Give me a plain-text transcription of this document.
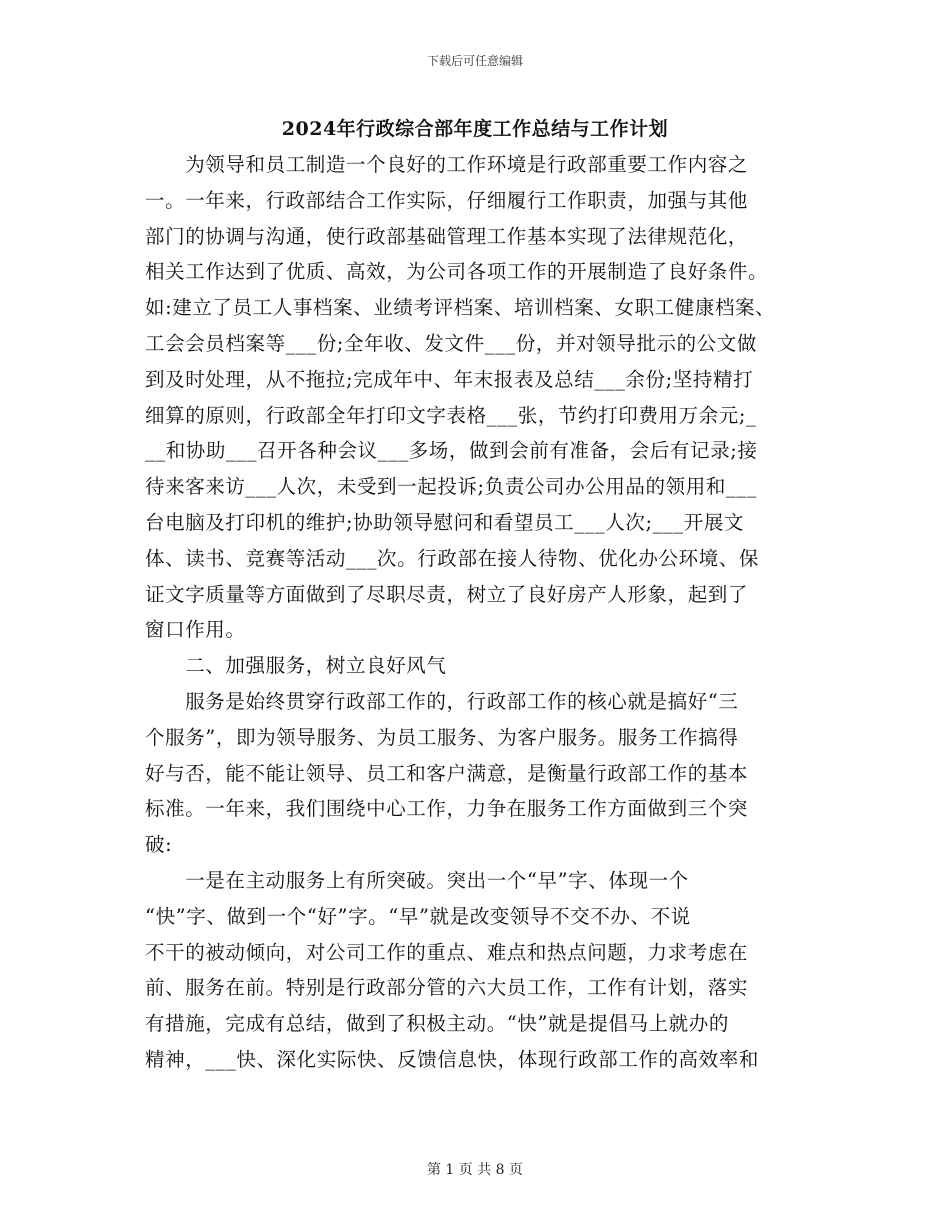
下载后可任意编辑
2024年行政综合部年度工作总结与工作计划
　　为领导和员工制造一个良好的工作环境是行政部重要工作内容之
一。一年来，行政部结合工作实际，仔细履行工作职责，加强与其他
部门的协调与沟通，使行政部基础管理工作基本实现了法律规范化，
相关工作达到了优质、高效，为公司各项工作的开展制造了良好条件。
如:建立了员工人事档案、业绩考评档案、培训档案、女职工健康档案、
工会会员档案等___份;全年收、发文件___份，并对领导批示的公文做
到及时处理，从不拖拉;完成年中、年末报表及总结___余份;坚持精打
细算的原则，行政部全年打印文字表格___张，节约打印费用万余元;_
__和协助___召开各种会议___多场，做到会前有准备，会后有记录;接
待来客来访___人次，未受到一起投诉;负责公司办公用品的领用和___
台电脑及打印机的维护;协助领导慰问和看望员工___人次;___开展文
体、读书、竞赛等活动___次。行政部在接人待物、优化办公环境、保
证文字质量等方面做到了尽职尽责，树立了良好房产人形象，起到了
窗口作用。
　　二、加强服务，树立良好风气
　　服务是始终贯穿行政部工作的，行政部工作的核心就是搞好“三
个服务”，即为领导服务、为员工服务、为客户服务。服务工作搞得
好与否，能不能让领导、员工和客户满意，是衡量行政部工作的基本
标准。一年来，我们围绕中心工作，力争在服务工作方面做到三个突
破:
　　一是在主动服务上有所突破。突出一个“早”字、体现一个
“快”字、做到一个“好”字。“早”就是改变领导不交不办、不说
不干的被动倾向，对公司工作的重点、难点和热点问题，力求考虑在
前、服务在前。特别是行政部分管的六大员工作，工作有计划，落实
有措施，完成有总结，做到了积极主动。“快”就是提倡马上就办的
精神，___快、深化实际快、反馈信息快，体现行政部工作的高效率和
第 1 页 共 8 页
